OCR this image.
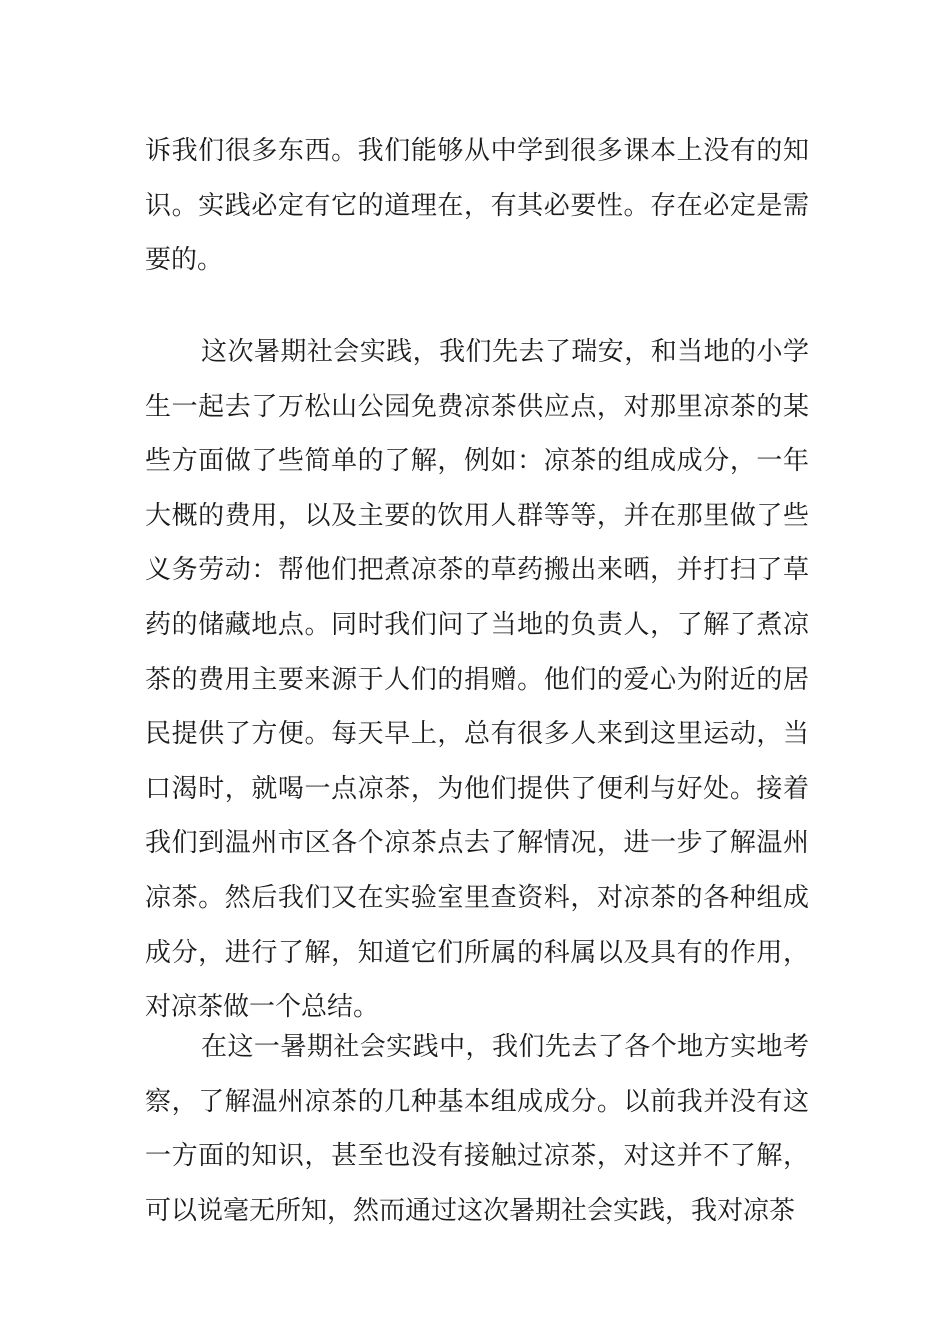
诉我们很多东西。我们能够从中学到很多课本上没有的知识。实践必定有它的道理在，有其必要性。存在必定是需要的。

这次暑期社会实践，我们先去了瑞安，和当地的小学生一起去了万松山公园免费凉茶供应点，对那里凉茶的某些方面做了些简单的了解，例如：凉茶的组成成分，一年大概的费用，以及主要的饮用人群等等，并在那里做了些义务劳动：帮他们把煮凉茶的草药搬出来晒，并打扫了草药的储藏地点。同时我们问了当地的负责人，了解了煮凉茶的费用主要来源于人们的捐赠。他们的爱心为附近的居民提供了方便。每天早上，总有很多人来到这里运动，当口渴时，就喝一点凉茶，为他们提供了便利与好处。接着我们到温州市区各个凉茶点去了解情况，进一步了解温州凉茶。然后我们又在实验室里查资料，对凉茶的各种组成成分，进行了解，知道它们所属的科属以及具有的作用，对凉茶做一个总结。

在这一暑期社会实践中，我们先去了各个地方实地考察，了解温州凉茶的几种基本组成成分。以前我并没有这一方面的知识，甚至也没有接触过凉茶，对这并不了解，可以说毫无所知，然而通过这次暑期社会实践，我对凉茶
